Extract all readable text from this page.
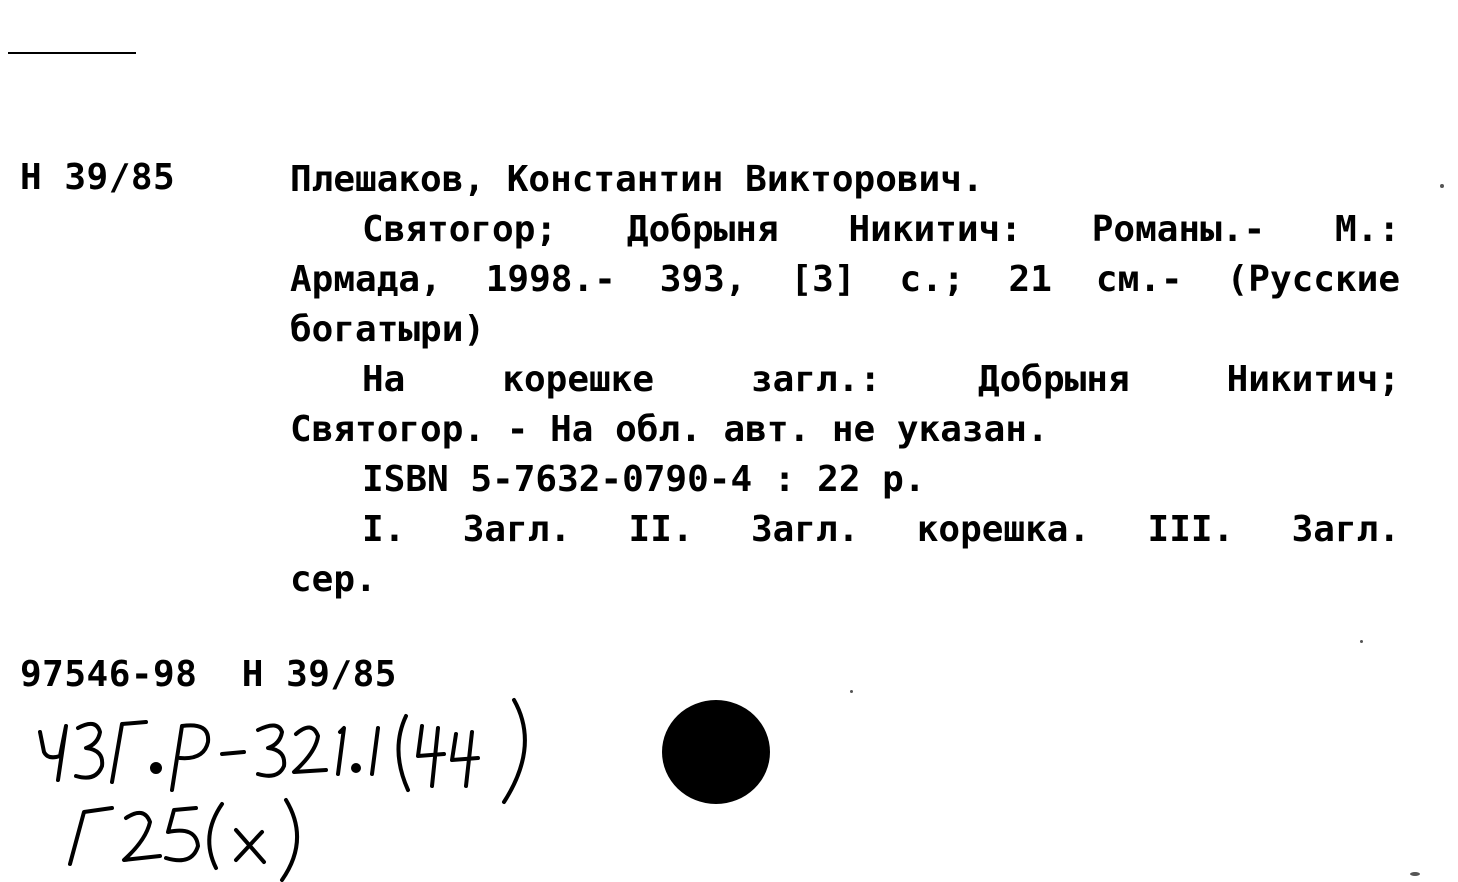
Н 39/85	Плешаков, Константин Викторович.

Святогор; Добрыня Никитич: Романы.- М.:

Армада, 1998.- 393, [3] с.; 21 см.- (Русские

богатыри)

На корешке загл.: Добрыня Никитич;

Святогор. - На обл. авт. не указан.

ISBN 5-7632-0790-4 : 22 р.

I. Загл. II. Загл. корешка. III. Загл.

сер.

97546-98  Н 39/85
